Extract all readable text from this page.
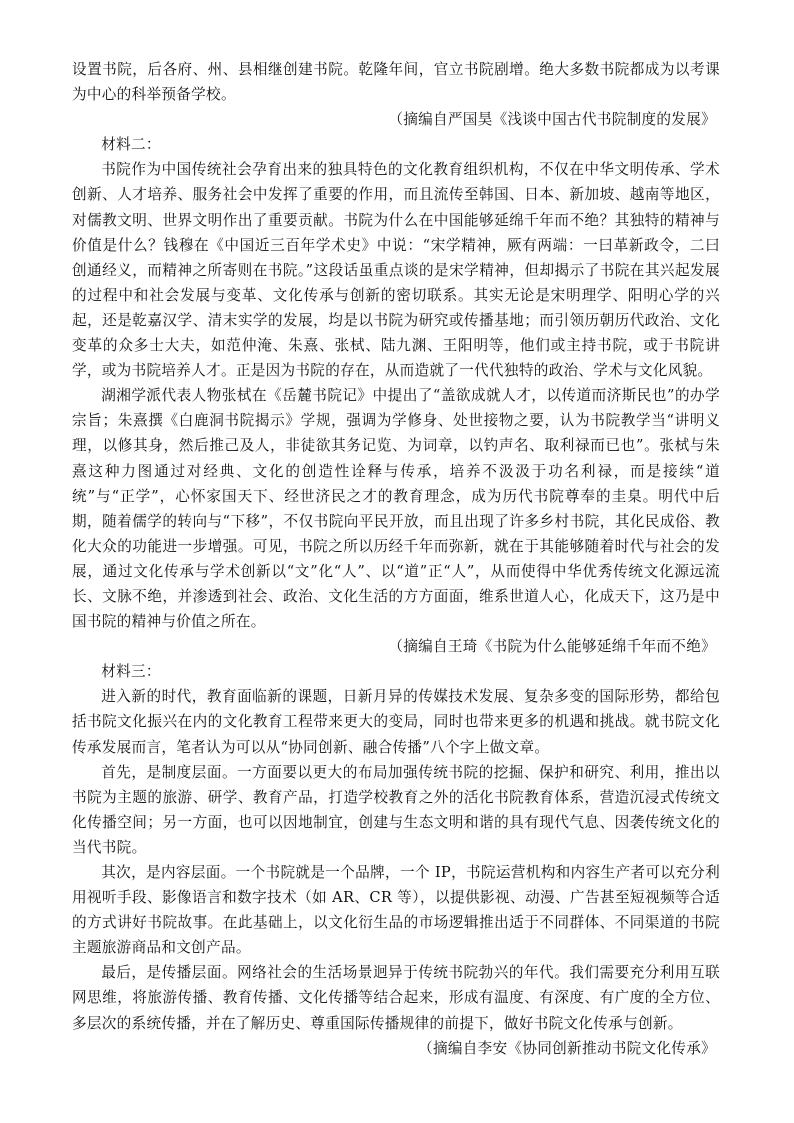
设置书院，后各府、州、县相继创建书院。乾隆年间，官立书院剧增。绝大多数书院都成为以考课为中心的科举预备学校。

（摘编自严国昊《浅谈中国古代书院制度的发展》

材料二：

书院作为中国传统社会孕育出来的独具特色的文化教育组织机构，不仅在中华文明传承、学术创新、人才培养、服务社会中发挥了重要的作用，而且流传至韩国、日本、新加坡、越南等地区，对儒教文明、世界文明作出了重要贡献。书院为什么在中国能够延绵千年而不绝？其独特的精神与价值是什么？钱穆在《中国近三百年学术史》中说：“宋学精神，厥有两端：一曰革新政令，二曰创通经义，而精神之所寄则在书院。”这段话虽重点谈的是宋学精神，但却揭示了书院在其兴起发展的过程中和社会发展与变革、文化传承与创新的密切联系。其实无论是宋明理学、阳明心学的兴起，还是乾嘉汉学、清末实学的发展，均是以书院为研究或传播基地；而引领历朝历代政治、文化变革的众多士大夫，如范仲淹、朱熹、张栻、陆九渊、王阳明等，他们或主持书院，或于书院讲学，或为书院培养人才。正是因为书院的存在，从而造就了一代代独特的政治、学术与文化风貌。

湖湘学派代表人物张栻在《岳麓书院记》中提出了“盖欲成就人才，以传道而济斯民也”的办学宗旨；朱熹撰《白鹿洞书院揭示》学规，强调为学修身、处世接物之要，认为书院教学当“讲明义理，以修其身，然后推己及人，非徒欲其务记览、为词章，以钓声名、取利禄而已也”。张栻与朱熹这种力图通过对经典、文化的创造性诠释与传承，培养不汲汲于功名利禄，而是接续“道统”与“正学”，心怀家国天下、经世济民之才的教育理念，成为历代书院尊奉的圭臬。明代中后期，随着儒学的转向与“下移”，不仅书院向平民开放，而且出现了许多乡村书院，其化民成俗、教化大众的功能进一步增强。可见，书院之所以历经千年而弥新，就在于其能够随着时代与社会的发展，通过文化传承与学术创新以“文”化“人”、以“道”正“人”，从而使得中华优秀传统文化源远流长、文脉不绝，并渗透到社会、政治、文化生活的方方面面，维系世道人心，化成天下，这乃是中国书院的精神与价值之所在。

（摘编自王琦《书院为什么能够延绵千年而不绝》

材料三：

进入新的时代，教育面临新的课题，日新月异的传媒技术发展、复杂多变的国际形势，都给包括书院文化振兴在内的文化教育工程带来更大的变局，同时也带来更多的机遇和挑战。就书院文化传承发展而言，笔者认为可以从“协同创新、融合传播”八个字上做文章。

首先，是制度层面。一方面要以更大的布局加强传统书院的挖掘、保护和研究、利用，推出以书院为主题的旅游、研学、教育产品，打造学校教育之外的活化书院教育体系，营造沉浸式传统文化传播空间；另一方面，也可以因地制宜，创建与生态文明和谐的具有现代气息、因袭传统文化的当代书院。

其次，是内容层面。一个书院就是一个品牌，一个 IP，书院运营机构和内容生产者可以充分利用视听手段、影像语言和数字技术（如 AR、CR 等），以提供影视、动漫、广告甚至短视频等合适的方式讲好书院故事。在此基础上，以文化衍生品的市场逻辑推出适于不同群体、不同渠道的书院主题旅游商品和文创产品。

最后，是传播层面。网络社会的生活场景迥异于传统书院勃兴的年代。我们需要充分利用互联网思维，将旅游传播、教育传播、文化传播等结合起来，形成有温度、有深度、有广度的全方位、多层次的系统传播，并在了解历史、尊重国际传播规律的前提下，做好书院文化传承与创新。

（摘编自李安《协同创新推动书院文化传承》
